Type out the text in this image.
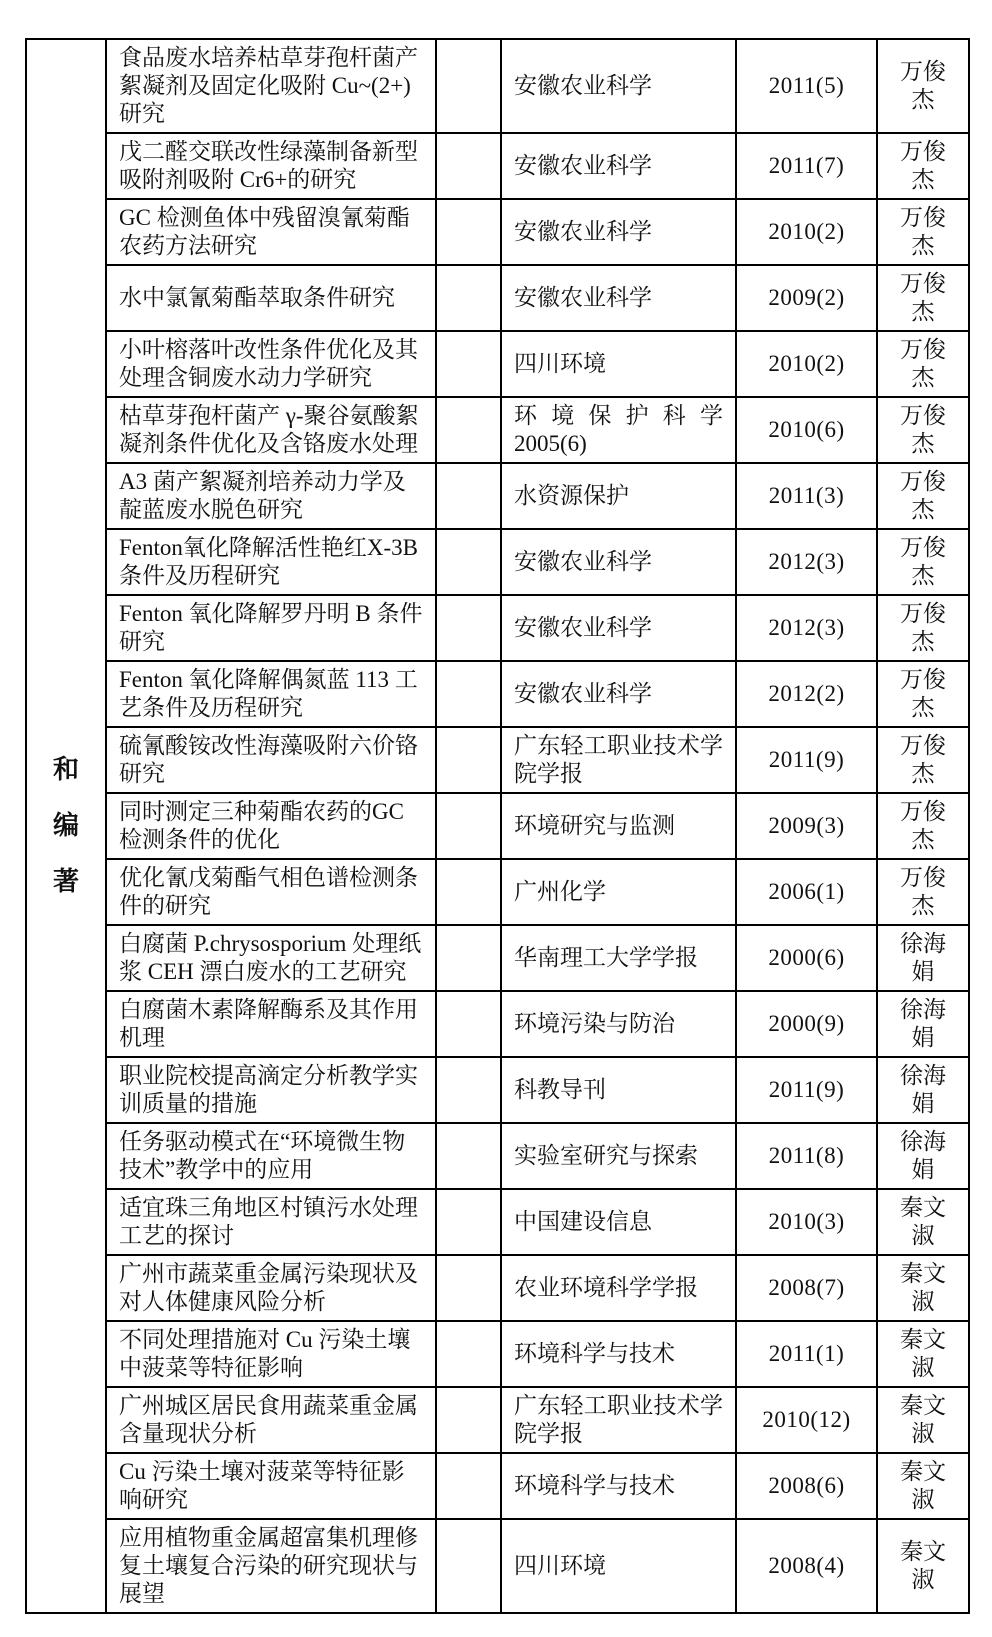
和
编
著	食品废水培养枯草芽孢杆菌产絮凝剂及固定化吸附 Cu~(2+)研究		安徽农业科学	2011(5)	万俊杰
	戊二醛交联改性绿藻制备新型吸附剂吸附 Cr6+的研究		安徽农业科学	2011(7)	万俊杰
	GC 检测鱼体中残留溴氰菊酯农药方法研究		安徽农业科学	2010(2)	万俊杰
	水中氯氰菊酯萃取条件研究		安徽农业科学	2009(2)	万俊杰
	小叶榕落叶改性条件优化及其处理含铜废水动力学研究		四川环境	2010(2)	万俊杰
	枯草芽孢杆菌产 γ-聚谷氨酸絮凝剂条件优化及含铬废水处理		环境保护科学 2005(6)	2010(6)	万俊杰
	A3 菌产絮凝剂培养动力学及靛蓝废水脱色研究		水资源保护	2011(3)	万俊杰
	Fenton氧化降解活性艳红X-3B条件及历程研究		安徽农业科学	2012(3)	万俊杰
	Fenton 氧化降解罗丹明 B 条件研究		安徽农业科学	2012(3)	万俊杰
	Fenton 氧化降解偶氮蓝 113 工艺条件及历程研究		安徽农业科学	2012(2)	万俊杰
	硫氰酸铵改性海藻吸附六价铬研究		广东轻工职业技术学院学报	2011(9)	万俊杰
	同时测定三种菊酯农药的GC检测条件的优化		环境研究与监测	2009(3)	万俊杰
	优化氰戊菊酯气相色谱检测条件的研究		广州化学	2006(1)	万俊杰
	白腐菌 P.chrysosporium 处理纸浆 CEH 漂白废水的工艺研究		华南理工大学学报	2000(6)	徐海娟
	白腐菌木素降解酶系及其作用机理		环境污染与防治	2000(9)	徐海娟
	职业院校提高滴定分析教学实训质量的措施		科教导刊	2011(9)	徐海娟
	任务驱动模式在“环境微生物技术”教学中的应用		实验室研究与探索	2011(8)	徐海娟
	适宜珠三角地区村镇污水处理工艺的探讨		中国建设信息	2010(3)	秦文淑
	广州市蔬菜重金属污染现状及对人体健康风险分析		农业环境科学学报	2008(7)	秦文淑
	不同处理措施对 Cu 污染土壤中菠菜等特征影响		环境科学与技术	2011(1)	秦文淑
	广州城区居民食用蔬菜重金属含量现状分析		广东轻工职业技术学院学报	2010(12)	秦文淑
	Cu 污染土壤对菠菜等特征影响研究		环境科学与技术	2008(6)	秦文淑
	应用植物重金属超富集机理修复土壤复合污染的研究现状与展望		四川环境	2008(4)	秦文淑
